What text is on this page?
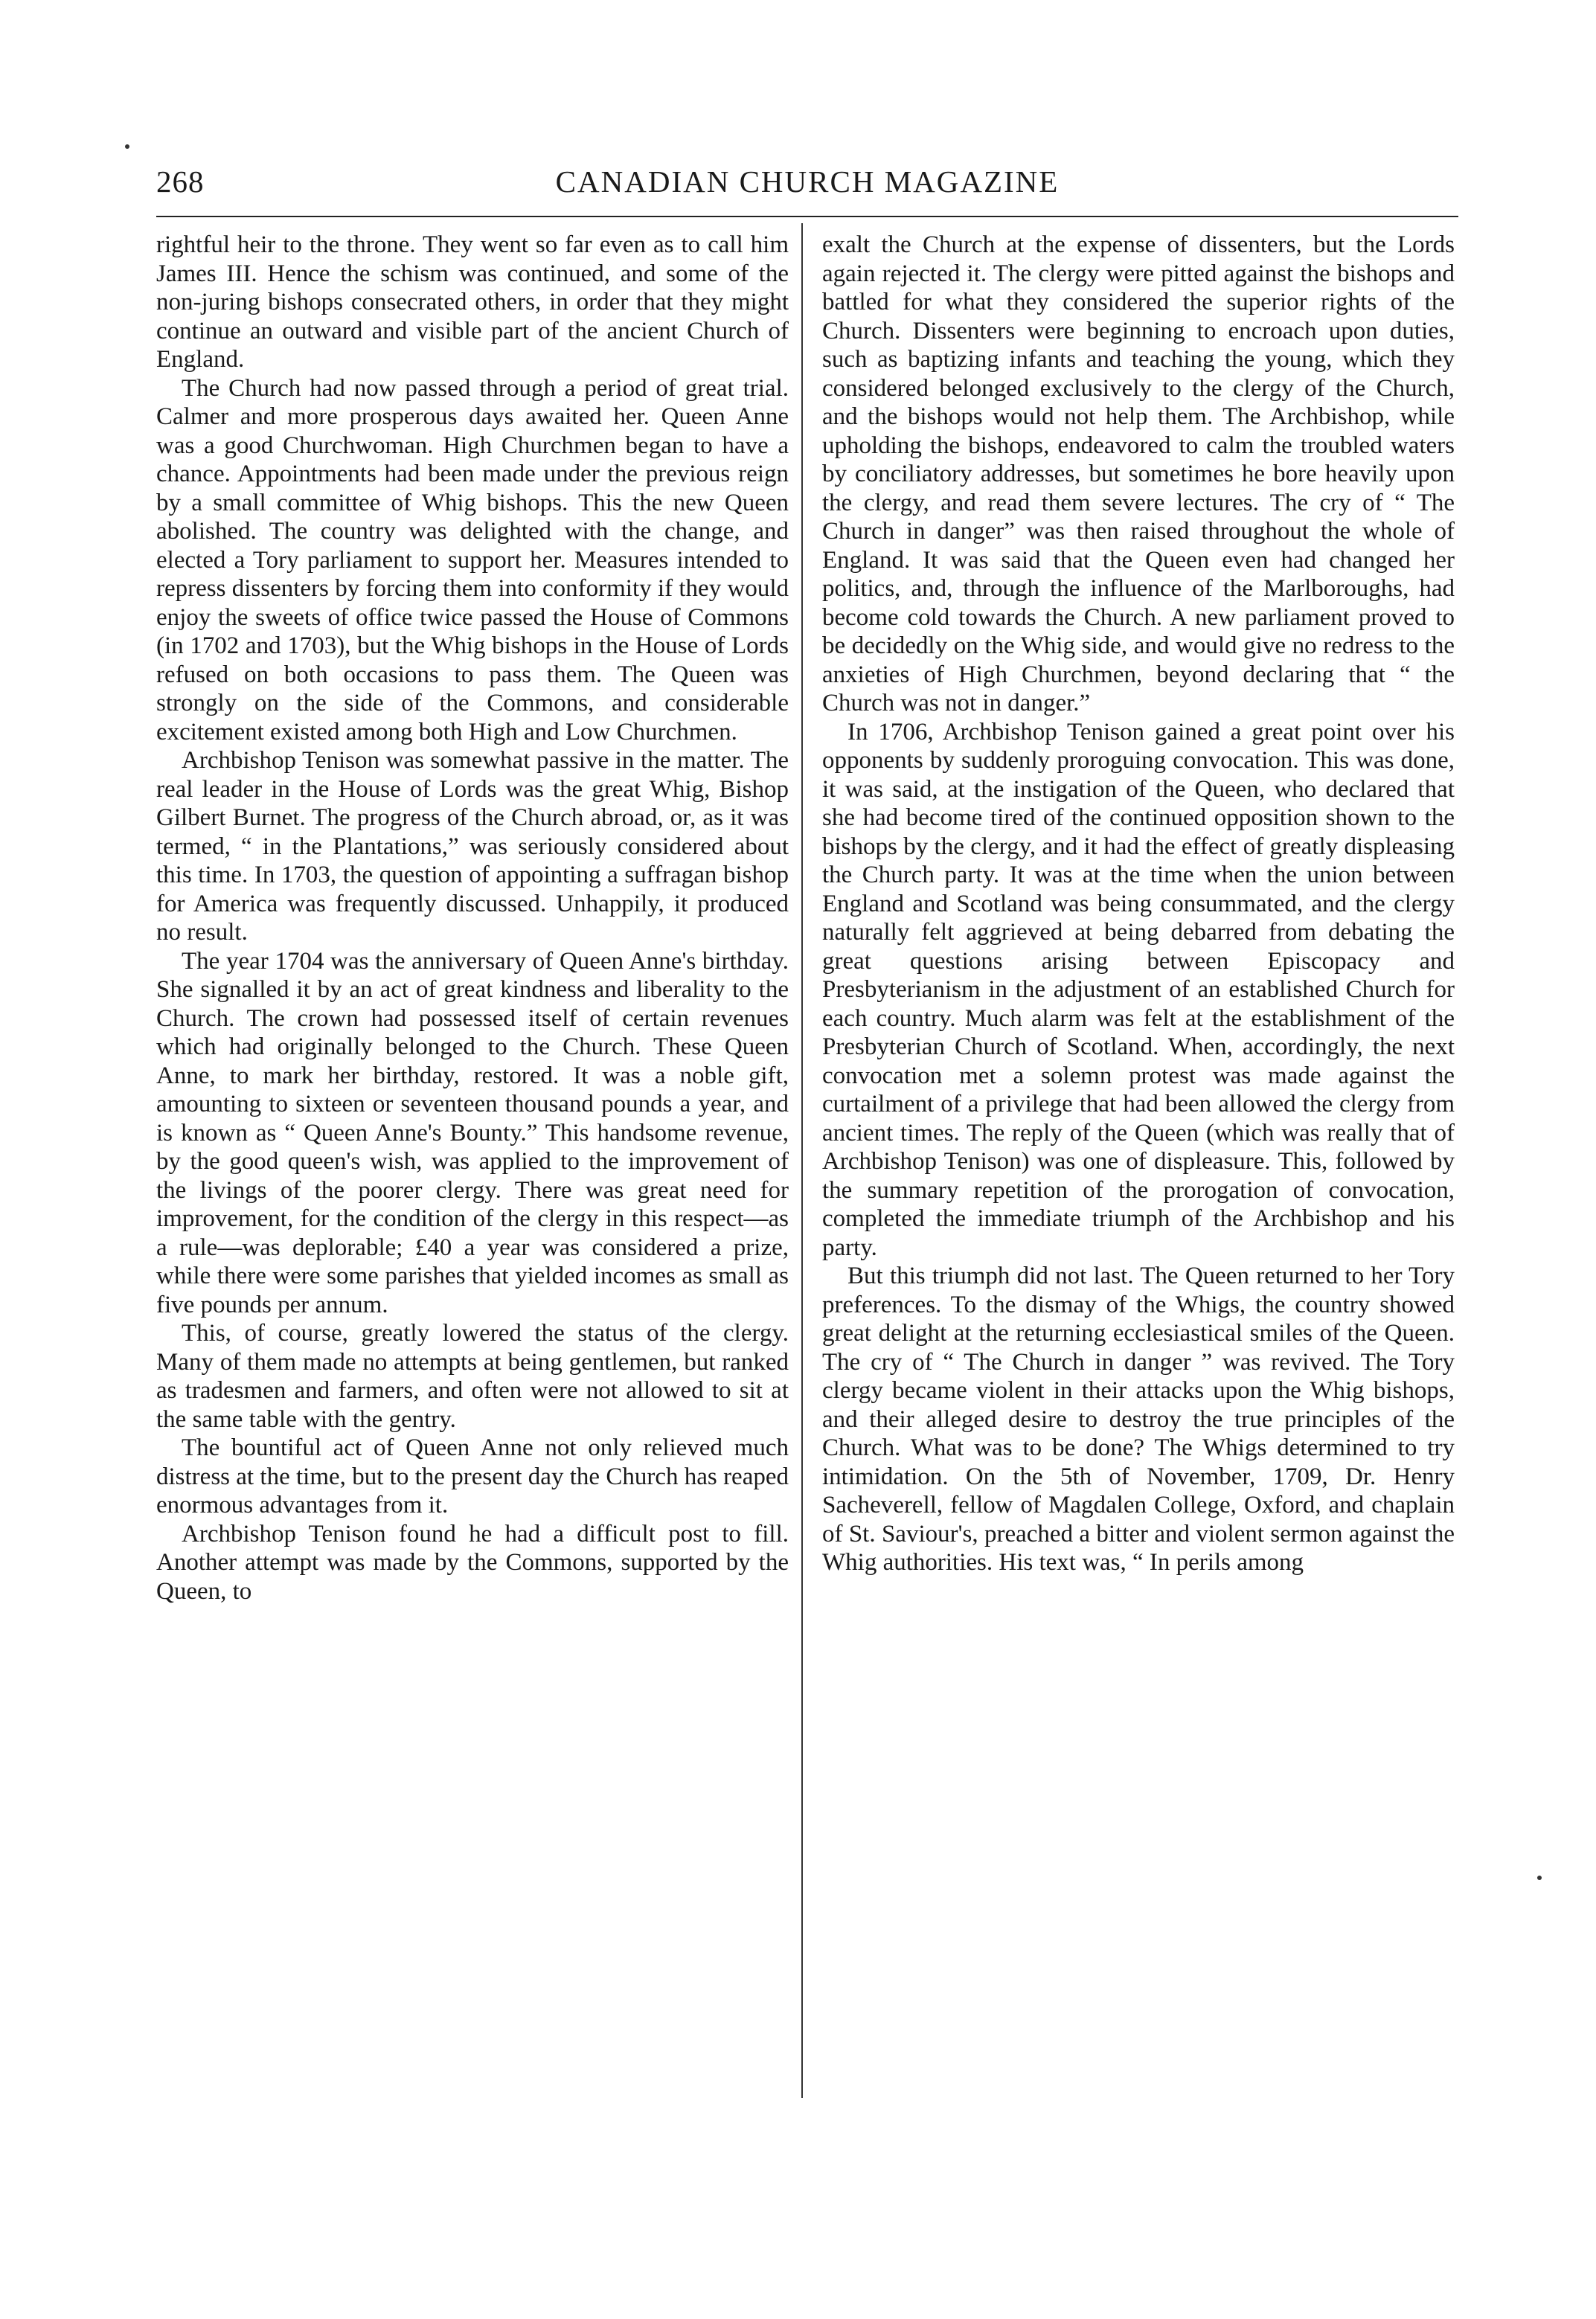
268	CANADIAN CHURCH MAGAZINE

rightful heir to the throne. They went so far even as to call him James III. Hence the schism was continued, and some of the non-juring bishops consecrated others, in order that they might continue an outward and visible part of the ancient Church of England.

The Church had now passed through a period of great trial. Calmer and more prosperous days awaited her. Queen Anne was a good Churchwoman. High Churchmen began to have a chance. Appointments had been made under the previous reign by a small committee of Whig bishops. This the new Queen abolished. The country was delighted with the change, and elected a Tory parliament to support her. Measures intended to repress dissenters by forcing them into conformity if they would enjoy the sweets of office twice passed the House of Commons (in 1702 and 1703), but the Whig bishops in the House of Lords refused on both occasions to pass them. The Queen was strongly on the side of the Commons, and considerable excitement existed among both High and Low Churchmen.

Archbishop Tenison was somewhat passive in the matter. The real leader in the House of Lords was the great Whig, Bishop Gilbert Burnet. The progress of the Church abroad, or, as it was termed, “ in the Plantations,” was seriously considered about this time. In 1703, the question of appointing a suffragan bishop for America was frequently discussed. Unhappily, it produced no result.

The year 1704 was the anniversary of Queen Anne's birthday. She signalled it by an act of great kindness and liberality to the Church. The crown had possessed itself of certain revenues which had originally belonged to the Church. These Queen Anne, to mark her birthday, restored. It was a noble gift, amounting to sixteen or seventeen thousand pounds a year, and is known as “ Queen Anne's Bounty.” This handsome revenue, by the good queen's wish, was applied to the improvement of the livings of the poorer clergy. There was great need for improvement, for the condition of the clergy in this respect—as a rule—was deplorable; £40 a year was considered a prize, while there were some parishes that yielded incomes as small as five pounds per annum.

This, of course, greatly lowered the status of the clergy. Many of them made no attempts at being gentlemen, but ranked as tradesmen and farmers, and often were not allowed to sit at the same table with the gentry.

The bountiful act of Queen Anne not only relieved much distress at the time, but to the present day the Church has reaped enormous advantages from it.

Archbishop Tenison found he had a difficult post to fill. Another attempt was made by the Commons, supported by the Queen, to

exalt the Church at the expense of dissenters, but the Lords again rejected it. The clergy were pitted against the bishops and battled for what they considered the superior rights of the Church. Dissenters were beginning to encroach upon duties, such as baptizing infants and teaching the young, which they considered belonged exclusively to the clergy of the Church, and the bishops would not help them. The Archbishop, while upholding the bishops, endeavored to calm the troubled waters by conciliatory addresses, but sometimes he bore heavily upon the clergy, and read them severe lectures. The cry of “ The Church in danger” was then raised throughout the whole of England. It was said that the Queen even had changed her politics, and, through the influence of the Marlboroughs, had become cold towards the Church. A new parliament proved to be decidedly on the Whig side, and would give no redress to the anxieties of High Churchmen, beyond declaring that “ the Church was not in danger.”

In 1706, Archbishop Tenison gained a great point over his opponents by suddenly proroguing convocation. This was done, it was said, at the instigation of the Queen, who declared that she had become tired of the continued opposition shown to the bishops by the clergy, and it had the effect of greatly displeasing the Church party. It was at the time when the union between England and Scotland was being consummated, and the clergy naturally felt aggrieved at being debarred from debating the great questions arising between Episcopacy and Presbyterianism in the adjustment of an established Church for each country. Much alarm was felt at the establishment of the Presbyterian Church of Scotland. When, accordingly, the next convocation met a solemn protest was made against the curtailment of a privilege that had been allowed the clergy from ancient times. The reply of the Queen (which was really that of Archbishop Tenison) was one of displeasure. This, followed by the summary repetition of the prorogation of convocation, completed the immediate triumph of the Archbishop and his party.

But this triumph did not last. The Queen returned to her Tory preferences. To the dismay of the Whigs, the country showed great delight at the returning ecclesiastical smiles of the Queen. The cry of “ The Church in danger ” was revived. The Tory clergy became violent in their attacks upon the Whig bishops, and their alleged desire to destroy the true principles of the Church. What was to be done? The Whigs determined to try intimidation. On the 5th of November, 1709, Dr. Henry Sacheverell, fellow of Magdalen College, Oxford, and chaplain of St. Saviour's, preached a bitter and violent sermon against the Whig authorities. His text was, “ In perils among
